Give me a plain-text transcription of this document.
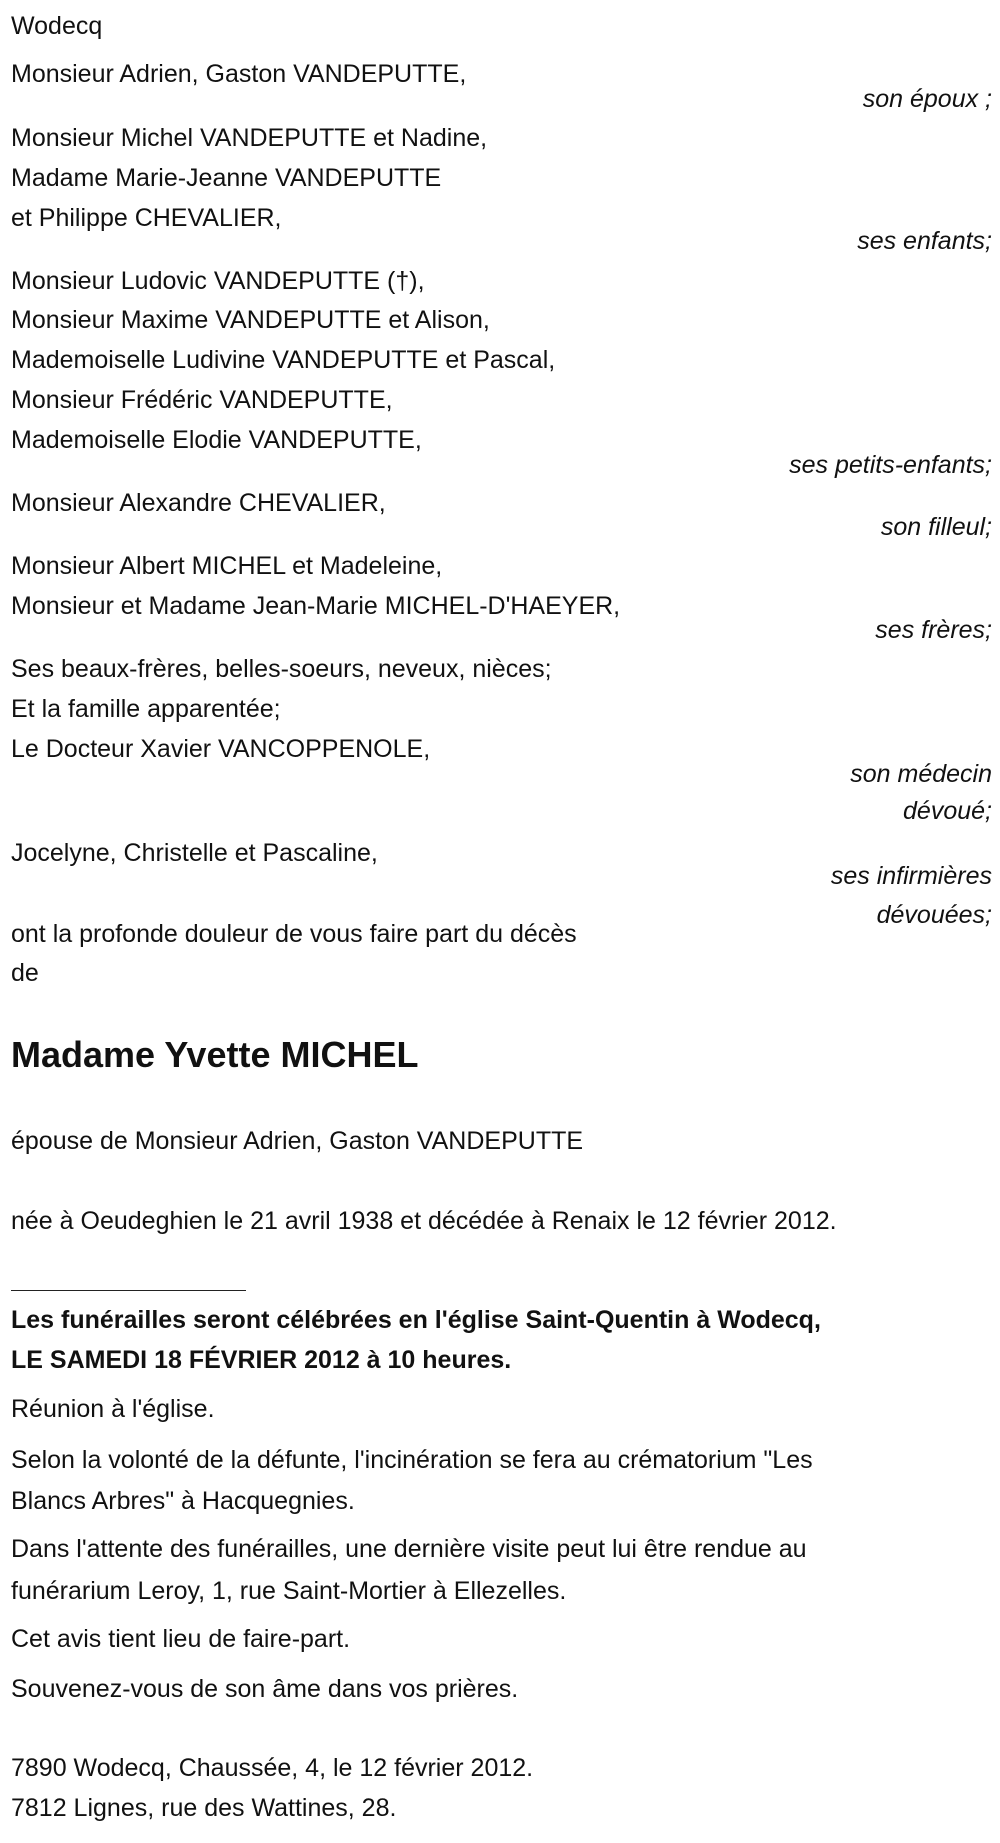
Wodecq
Monsieur Adrien, Gaston VANDEPUTTE,
son époux ;
Monsieur Michel VANDEPUTTE et Nadine,
Madame Marie-Jeanne VANDEPUTTE
et Philippe CHEVALIER,
ses enfants;
Monsieur Ludovic VANDEPUTTE (†),
Monsieur Maxime VANDEPUTTE et Alison,
Mademoiselle Ludivine VANDEPUTTE et Pascal,
Monsieur Frédéric VANDEPUTTE,
Mademoiselle Elodie VANDEPUTTE,
ses petits-enfants;
Monsieur Alexandre CHEVALIER,
son filleul;
Monsieur Albert MICHEL et Madeleine,
Monsieur et Madame Jean-Marie MICHEL-D'HAEYER,
ses frères;
Ses beaux-frères, belles-soeurs, neveux, nièces;
Et la famille apparentée;
Le Docteur Xavier VANCOPPENOLE,
son médecin
dévoué;
Jocelyne, Christelle et Pascaline,
ses infirmières
dévouées;
ont la profonde douleur de vous faire part du décès
de
Madame Yvette MICHEL
épouse de Monsieur Adrien, Gaston VANDEPUTTE
née à Oeudeghien le 21 avril 1938 et décédée à Renaix le 12 février 2012.
Les funérailles seront célébrées en l'église Saint-Quentin à Wodecq,
LE SAMEDI 18 FÉVRIER 2012 à 10 heures.
Réunion à l'église.
Selon la volonté de la défunte, l'incinération se fera au crématorium "Les
Blancs Arbres" à Hacquegnies.
Dans l'attente des funérailles, une dernière visite peut lui être rendue au
funérarium Leroy, 1, rue Saint-Mortier à Ellezelles.
Cet avis tient lieu de faire-part.
Souvenez-vous de son âme dans vos prières.
7890 Wodecq, Chaussée, 4, le 12 février 2012.
7812 Lignes, rue des Wattines, 28.
